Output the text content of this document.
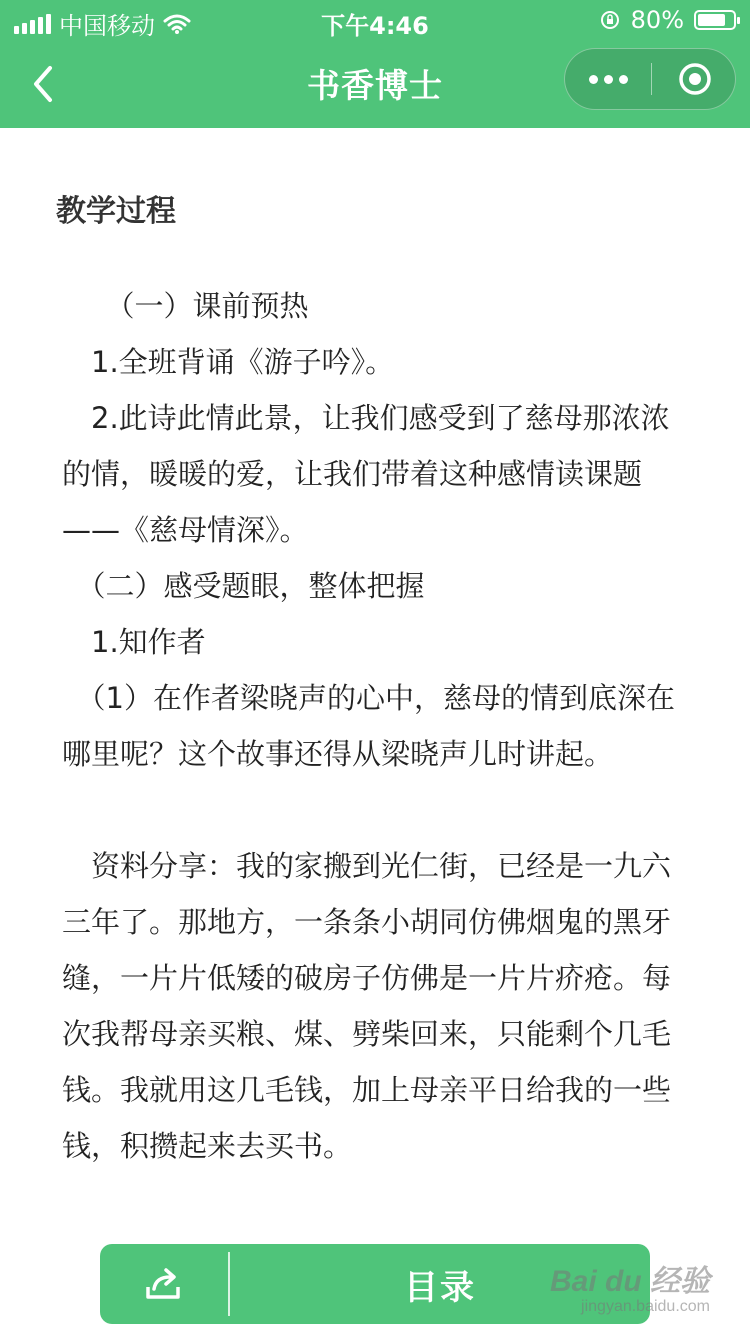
中国移动	下午4:46	80%
书香博士
教学过程
　　（一）课前预热
　1.全班背诵《游子吟》。
　2.此诗此情此景，让我们感受到了慈母那浓浓的情，暖暖的爱，让我们带着这种感情读课题——《慈母情深》。
　（二）感受题眼，整体把握
　1.知作者
　（1）在作者梁晓声的心中，慈母的情到底深在哪里呢？这个故事还得从梁晓声儿时讲起。
　资料分享：我的家搬到光仁街，已经是一九六三年了。那地方，一条条小胡同仿佛烟鬼的黑牙缝，一片片低矮的破房子仿佛是一片片疥疮。每次我帮母亲买粮、煤、劈柴回来，只能剩个几毛钱。我就用这几毛钱，加上母亲平日给我的一些钱，积攒起来去买书。
目录	Bai du 经验
jingyan.baidu.com
